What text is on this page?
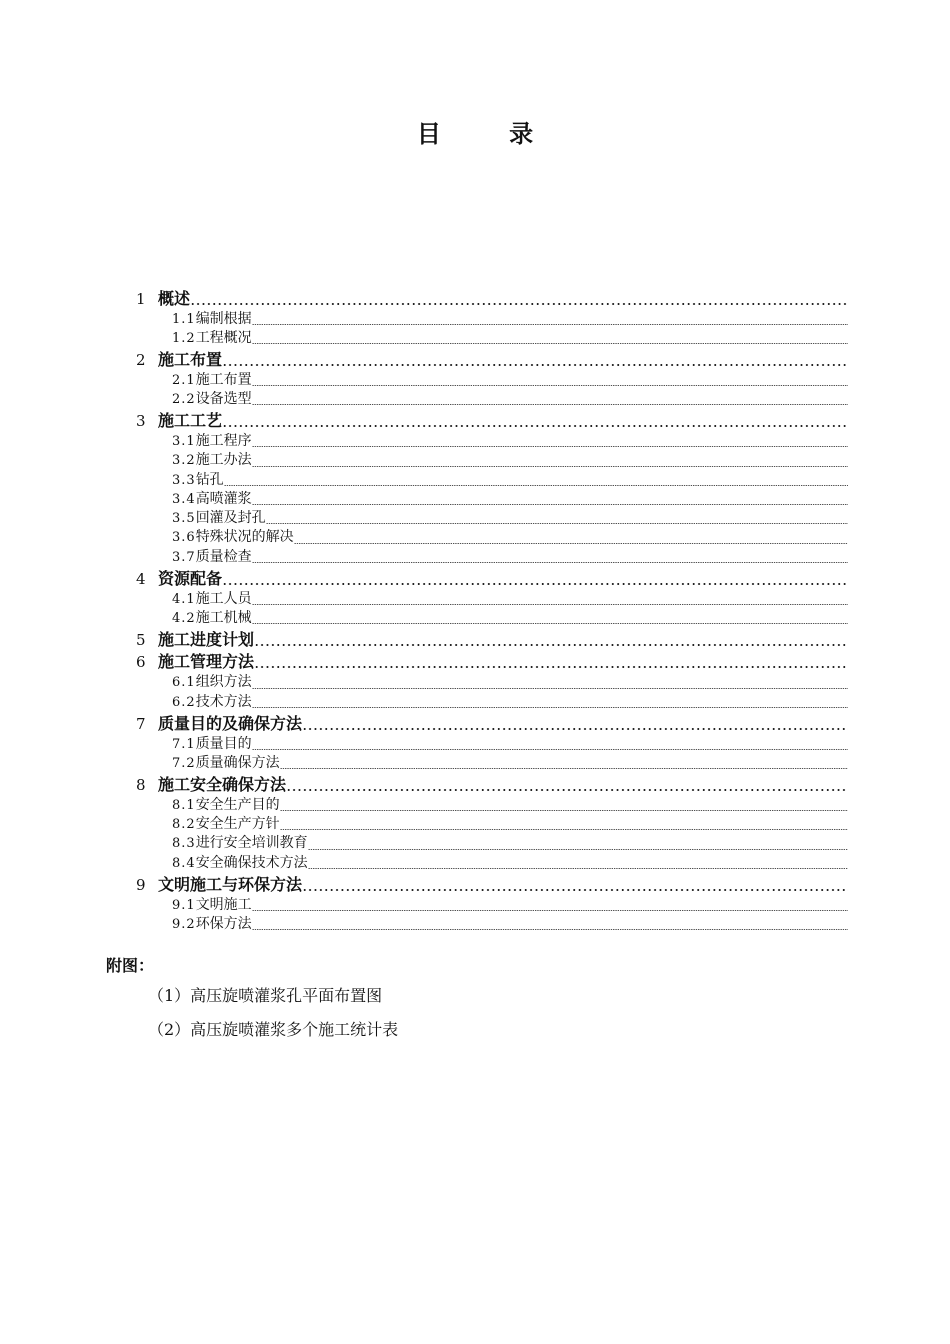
目 录
1 概述
1.1 编制根据
1.2 工程概况
2 施工布置
2.1 施工布置
2.2 设备选型
3 施工工艺
3.1 施工程序
3.2 施工办法
3.3 钻孔
3.4 高喷灌浆
3.5 回灌及封孔
3.6 特殊状况的解决
3.7 质量检查
4 资源配备
4.1 施工人员
4.2 施工机械
5 施工进度计划
6 施工管理方法
6.1 组织方法
6.2 技术方法
7 质量目的及确保方法
7.1 质量目的
7.2 质量确保方法
8 施工安全确保方法
8.1 安全生产目的
8.2 安全生产方针
8.3 进行安全培训教育
8.4 安全确保技术方法
9 文明施工与环保方法
9.1 文明施工
9.2 环保方法
附图：
（1）高压旋喷灌浆孔平面布置图
（2）高压旋喷灌浆多个施工统计表
